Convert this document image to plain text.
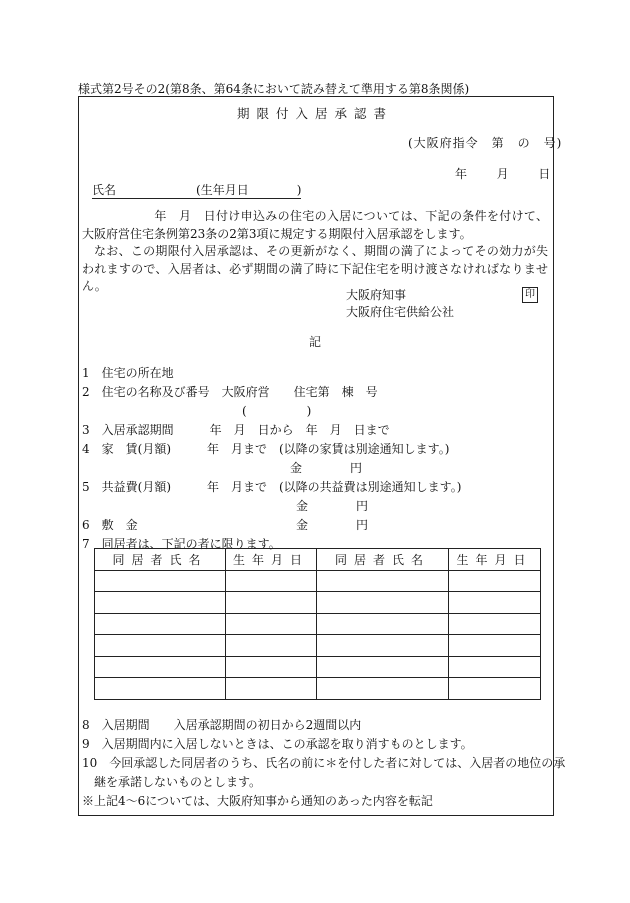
様式第2号その2(第8条、第64条において読み替えて準用する第8条関係)
期限付入居承認書
(大阪府指令　第　の　号)
年 月 日
氏名	(生年月日	)
　年　月　日付け申込みの住宅の入居については、下記の条件を付けて、大阪府営住宅条例第23条の2第3項に規定する期限付入居承認をします。
なお、この期限付入居承認は、その更新がなく、期間の満了によってその効力が失われますので、入居者は、必ず期間の満了時に下記住宅を明け渡さなければなりません。
大阪府知事
大阪府住宅供給公社
印
記
1　住宅の所在地
2　住宅の名称及び番号　大阪府営　　住宅第　棟　号
(　　　　　)
3　入居承認期間　　　年　月　日から　年　月　日まで
4　家　賃(月額)　　　年　月まで　(以降の家賃は別途通知します。)
金　　　　円
5　共益費(月額)　　　年　月まで　(以降の共益費は別途通知します。)
金　　　　円
6　敷　金	金　　　　円
7　同居者は、下記の者に限ります。
同居者氏名	生年月日	同居者氏名	生年月日

8　入居期間　　入居承認期間の初日から2週間以内
9　入居期間内に入居しないときは、この承認を取り消すものとします。
10　今回承認した同居者のうち、氏名の前に＊を付した者に対しては、入居者の地位の承
　継を承諾しないものとします。
※上記4〜6については、大阪府知事から通知のあった内容を転記
